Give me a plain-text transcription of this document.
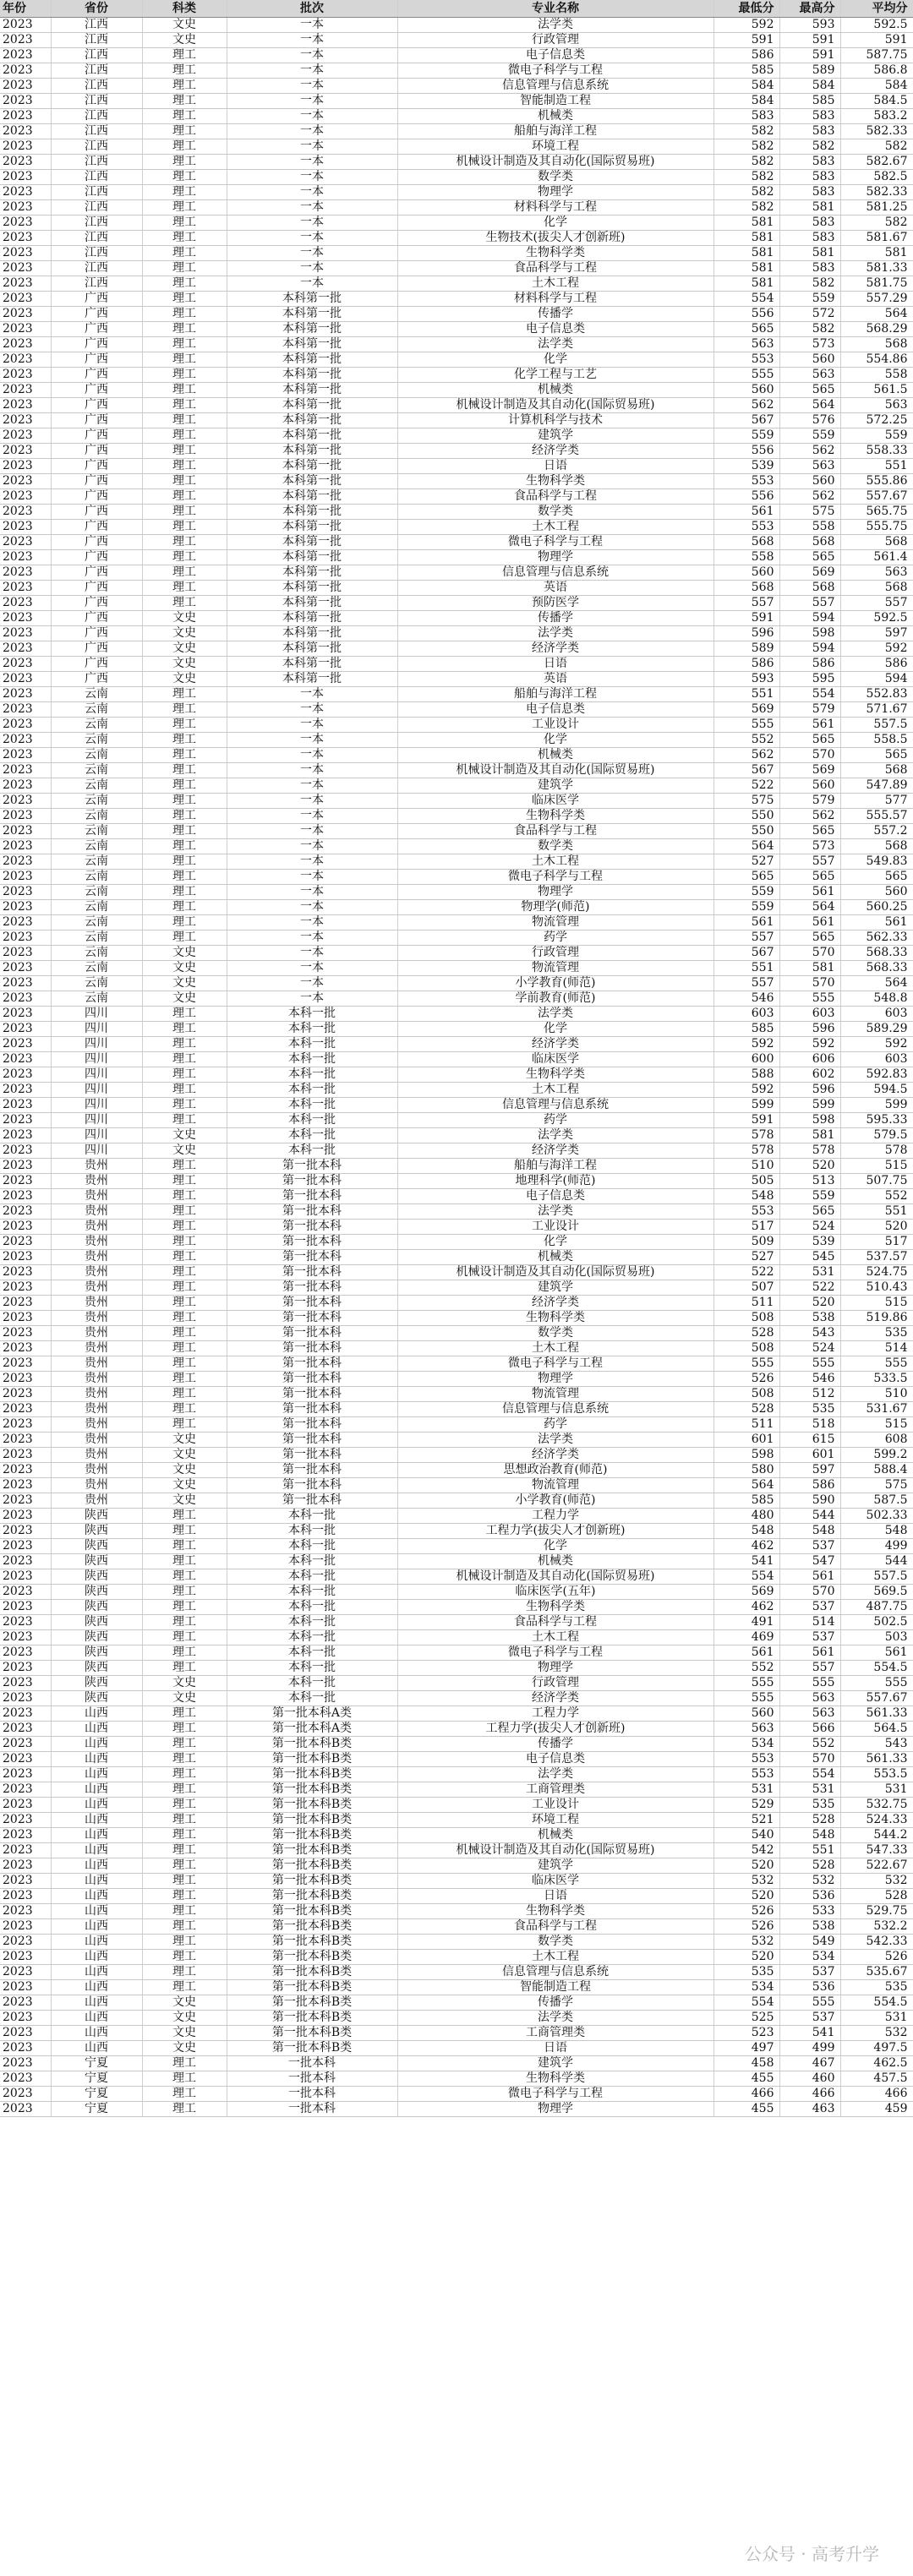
年份	省份	科类	批次	专业名称	最低分	最高分	平均分
2023	江西	文史	一本	法学类	592	593	592.5
2023	江西	文史	一本	行政管理	591	591	591
2023	江西	理工	一本	电子信息类	586	591	587.75
2023	江西	理工	一本	微电子科学与工程	585	589	586.8
2023	江西	理工	一本	信息管理与信息系统	584	584	584
2023	江西	理工	一本	智能制造工程	584	585	584.5
2023	江西	理工	一本	机械类	583	583	583.2
2023	江西	理工	一本	船舶与海洋工程	582	583	582.33
2023	江西	理工	一本	环境工程	582	582	582
2023	江西	理工	一本	机械设计制造及其自动化(国际贸易班)	582	583	582.67
2023	江西	理工	一本	数学类	582	583	582.5
2023	江西	理工	一本	物理学	582	583	582.33
2023	江西	理工	一本	材料科学与工程	582	581	581.25
2023	江西	理工	一本	化学	581	583	582
2023	江西	理工	一本	生物技术(拔尖人才创新班)	581	583	581.67
2023	江西	理工	一本	生物科学类	581	581	581
2023	江西	理工	一本	食品科学与工程	581	583	581.33
2023	江西	理工	一本	土木工程	581	582	581.75
2023	广西	理工	本科第一批	材料科学与工程	554	559	557.29
2023	广西	理工	本科第一批	传播学	556	572	564
2023	广西	理工	本科第一批	电子信息类	565	582	568.29
2023	广西	理工	本科第一批	法学类	563	573	568
2023	广西	理工	本科第一批	化学	553	560	554.86
2023	广西	理工	本科第一批	化学工程与工艺	555	563	558
2023	广西	理工	本科第一批	机械类	560	565	561.5
2023	广西	理工	本科第一批	机械设计制造及其自动化(国际贸易班)	562	564	563
2023	广西	理工	本科第一批	计算机科学与技术	567	576	572.25
2023	广西	理工	本科第一批	建筑学	559	559	559
2023	广西	理工	本科第一批	经济学类	556	562	558.33
2023	广西	理工	本科第一批	日语	539	563	551
2023	广西	理工	本科第一批	生物科学类	553	560	555.86
2023	广西	理工	本科第一批	食品科学与工程	556	562	557.67
2023	广西	理工	本科第一批	数学类	561	575	565.75
2023	广西	理工	本科第一批	土木工程	553	558	555.75
2023	广西	理工	本科第一批	微电子科学与工程	568	568	568
2023	广西	理工	本科第一批	物理学	558	565	561.4
2023	广西	理工	本科第一批	信息管理与信息系统	560	569	563
2023	广西	理工	本科第一批	英语	568	568	568
2023	广西	理工	本科第一批	预防医学	557	557	557
2023	广西	文史	本科第一批	传播学	591	594	592.5
2023	广西	文史	本科第一批	法学类	596	598	597
2023	广西	文史	本科第一批	经济学类	589	594	592
2023	广西	文史	本科第一批	日语	586	586	586
2023	广西	文史	本科第一批	英语	593	595	594
2023	云南	理工	一本	船舶与海洋工程	551	554	552.83
2023	云南	理工	一本	电子信息类	569	579	571.67
2023	云南	理工	一本	工业设计	555	561	557.5
2023	云南	理工	一本	化学	552	565	558.5
2023	云南	理工	一本	机械类	562	570	565
2023	云南	理工	一本	机械设计制造及其自动化(国际贸易班)	567	569	568
2023	云南	理工	一本	建筑学	522	560	547.89
2023	云南	理工	一本	临床医学	575	579	577
2023	云南	理工	一本	生物科学类	550	562	555.57
2023	云南	理工	一本	食品科学与工程	550	565	557.2
2023	云南	理工	一本	数学类	564	573	568
2023	云南	理工	一本	土木工程	527	557	549.83
2023	云南	理工	一本	微电子科学与工程	565	565	565
2023	云南	理工	一本	物理学	559	561	560
2023	云南	理工	一本	物理学(师范)	559	564	560.25
2023	云南	理工	一本	物流管理	561	561	561
2023	云南	理工	一本	药学	557	565	562.33
2023	云南	文史	一本	行政管理	567	570	568.33
2023	云南	文史	一本	物流管理	551	581	568.33
2023	云南	文史	一本	小学教育(师范)	557	570	564
2023	云南	文史	一本	学前教育(师范)	546	555	548.8
2023	四川	理工	本科一批	法学类	603	603	603
2023	四川	理工	本科一批	化学	585	596	589.29
2023	四川	理工	本科一批	经济学类	592	592	592
2023	四川	理工	本科一批	临床医学	600	606	603
2023	四川	理工	本科一批	生物科学类	588	602	592.83
2023	四川	理工	本科一批	土木工程	592	596	594.5
2023	四川	理工	本科一批	信息管理与信息系统	599	599	599
2023	四川	理工	本科一批	药学	591	598	595.33
2023	四川	文史	本科一批	法学类	578	581	579.5
2023	四川	文史	本科一批	经济学类	578	578	578
2023	贵州	理工	第一批本科	船舶与海洋工程	510	520	515
2023	贵州	理工	第一批本科	地理科学(师范)	505	513	507.75
2023	贵州	理工	第一批本科	电子信息类	548	559	552
2023	贵州	理工	第一批本科	法学类	553	565	551
2023	贵州	理工	第一批本科	工业设计	517	524	520
2023	贵州	理工	第一批本科	化学	509	539	517
2023	贵州	理工	第一批本科	机械类	527	545	537.57
2023	贵州	理工	第一批本科	机械设计制造及其自动化(国际贸易班)	522	531	524.75
2023	贵州	理工	第一批本科	建筑学	507	522	510.43
2023	贵州	理工	第一批本科	经济学类	511	520	515
2023	贵州	理工	第一批本科	生物科学类	508	538	519.86
2023	贵州	理工	第一批本科	数学类	528	543	535
2023	贵州	理工	第一批本科	土木工程	508	524	514
2023	贵州	理工	第一批本科	微电子科学与工程	555	555	555
2023	贵州	理工	第一批本科	物理学	526	546	533.5
2023	贵州	理工	第一批本科	物流管理	508	512	510
2023	贵州	理工	第一批本科	信息管理与信息系统	528	535	531.67
2023	贵州	理工	第一批本科	药学	511	518	515
2023	贵州	文史	第一批本科	法学类	601	615	608
2023	贵州	文史	第一批本科	经济学类	598	601	599.2
2023	贵州	文史	第一批本科	思想政治教育(师范)	580	597	588.4
2023	贵州	文史	第一批本科	物流管理	564	586	575
2023	贵州	文史	第一批本科	小学教育(师范)	585	590	587.5
2023	陕西	理工	本科一批	工程力学	480	544	502.33
2023	陕西	理工	本科一批	工程力学(拔尖人才创新班)	548	548	548
2023	陕西	理工	本科一批	化学	462	537	499
2023	陕西	理工	本科一批	机械类	541	547	544
2023	陕西	理工	本科一批	机械设计制造及其自动化(国际贸易班)	554	561	557.5
2023	陕西	理工	本科一批	临床医学(五年)	569	570	569.5
2023	陕西	理工	本科一批	生物科学类	462	537	487.75
2023	陕西	理工	本科一批	食品科学与工程	491	514	502.5
2023	陕西	理工	本科一批	土木工程	469	537	503
2023	陕西	理工	本科一批	微电子科学与工程	561	561	561
2023	陕西	理工	本科一批	物理学	552	557	554.5
2023	陕西	文史	本科一批	行政管理	555	555	555
2023	陕西	文史	本科一批	经济学类	555	563	557.67
2023	山西	理工	第一批本科A类	工程力学	560	563	561.33
2023	山西	理工	第一批本科A类	工程力学(拔尖人才创新班)	563	566	564.5
2023	山西	理工	第一批本科B类	传播学	534	552	543
2023	山西	理工	第一批本科B类	电子信息类	553	570	561.33
2023	山西	理工	第一批本科B类	法学类	553	554	553.5
2023	山西	理工	第一批本科B类	工商管理类	531	531	531
2023	山西	理工	第一批本科B类	工业设计	529	535	532.75
2023	山西	理工	第一批本科B类	环境工程	521	528	524.33
2023	山西	理工	第一批本科B类	机械类	540	548	544.2
2023	山西	理工	第一批本科B类	机械设计制造及其自动化(国际贸易班)	542	551	547.33
2023	山西	理工	第一批本科B类	建筑学	520	528	522.67
2023	山西	理工	第一批本科B类	临床医学	532	532	532
2023	山西	理工	第一批本科B类	日语	520	536	528
2023	山西	理工	第一批本科B类	生物科学类	526	533	529.75
2023	山西	理工	第一批本科B类	食品科学与工程	526	538	532.2
2023	山西	理工	第一批本科B类	数学类	532	549	542.33
2023	山西	理工	第一批本科B类	土木工程	520	534	526
2023	山西	理工	第一批本科B类	信息管理与信息系统	535	537	535.67
2023	山西	理工	第一批本科B类	智能制造工程	534	536	535
2023	山西	文史	第一批本科B类	传播学	554	555	554.5
2023	山西	文史	第一批本科B类	法学类	525	537	531
2023	山西	文史	第一批本科B类	工商管理类	523	541	532
2023	山西	文史	第一批本科B类	日语	497	499	497.5
2023	宁夏	理工	一批本科	建筑学	458	467	462.5
2023	宁夏	理工	一批本科	生物科学类	455	460	457.5
2023	宁夏	理工	一批本科	微电子科学与工程	466	466	466
2023	宁夏	理工	一批本科	物理学	455	463	459
公众号 · 高考升学
